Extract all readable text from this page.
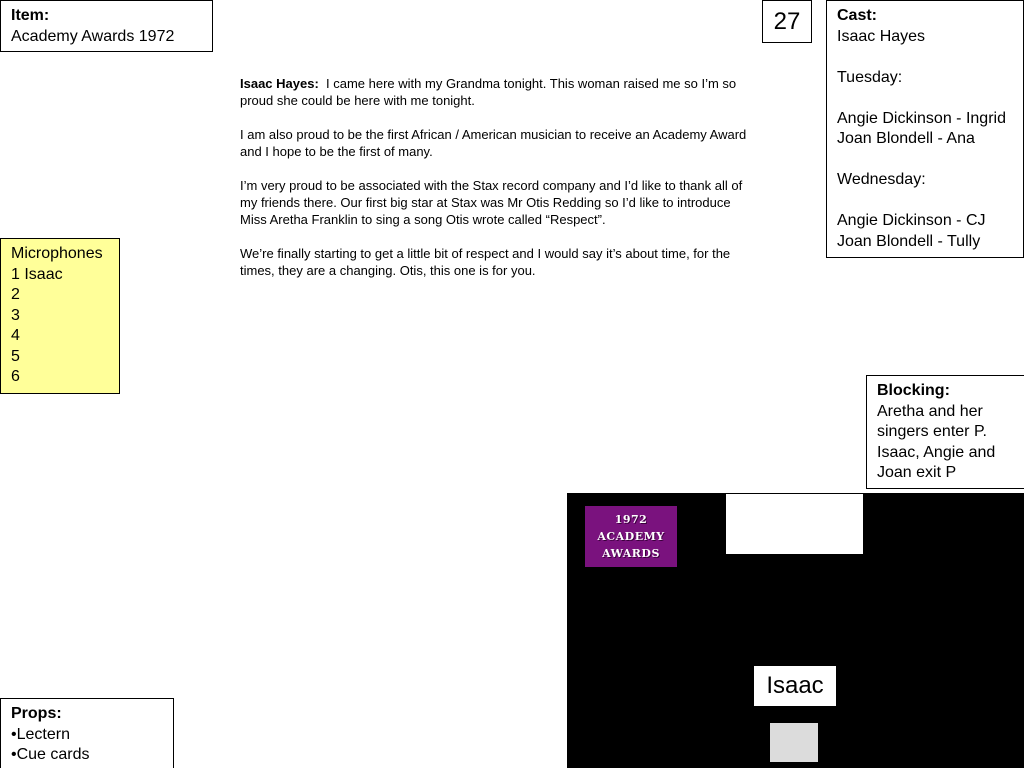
Item:
Academy Awards 1972
27	Cast:
Isaac Hayes
Tuesday:
Angie Dickinson - Ingrid
Joan Blondell - Ana
Wednesday:
Angie Dickinson - CJ
Joan Blondell - Tully

Isaac Hayes: I came here with my Grandma tonight. This woman raised me so I’m so proud she could be here with me tonight.

I am also proud to be the first African / American musician to receive an Academy Award and I hope to be the first of many.

I’m very proud to be associated with the Stax record company and I’d like to thank all of my friends there. Our first big star at Stax was Mr Otis Redding so I’d like to introduce Miss Aretha Franklin to sing a song Otis wrote called “Respect”.

We’re finally starting to get a little bit of respect and I would say it’s about time, for the times, they are a changing. Otis, this one is for you.

Microphones
1 Isaac
2
3
4
5
6
Blocking:
Aretha and her
singers enter P.
Isaac, Angie and
Joan exit P
Props:
•Lectern
•Cue cards
1972
ACADEMY
AWARDS
Isaac
